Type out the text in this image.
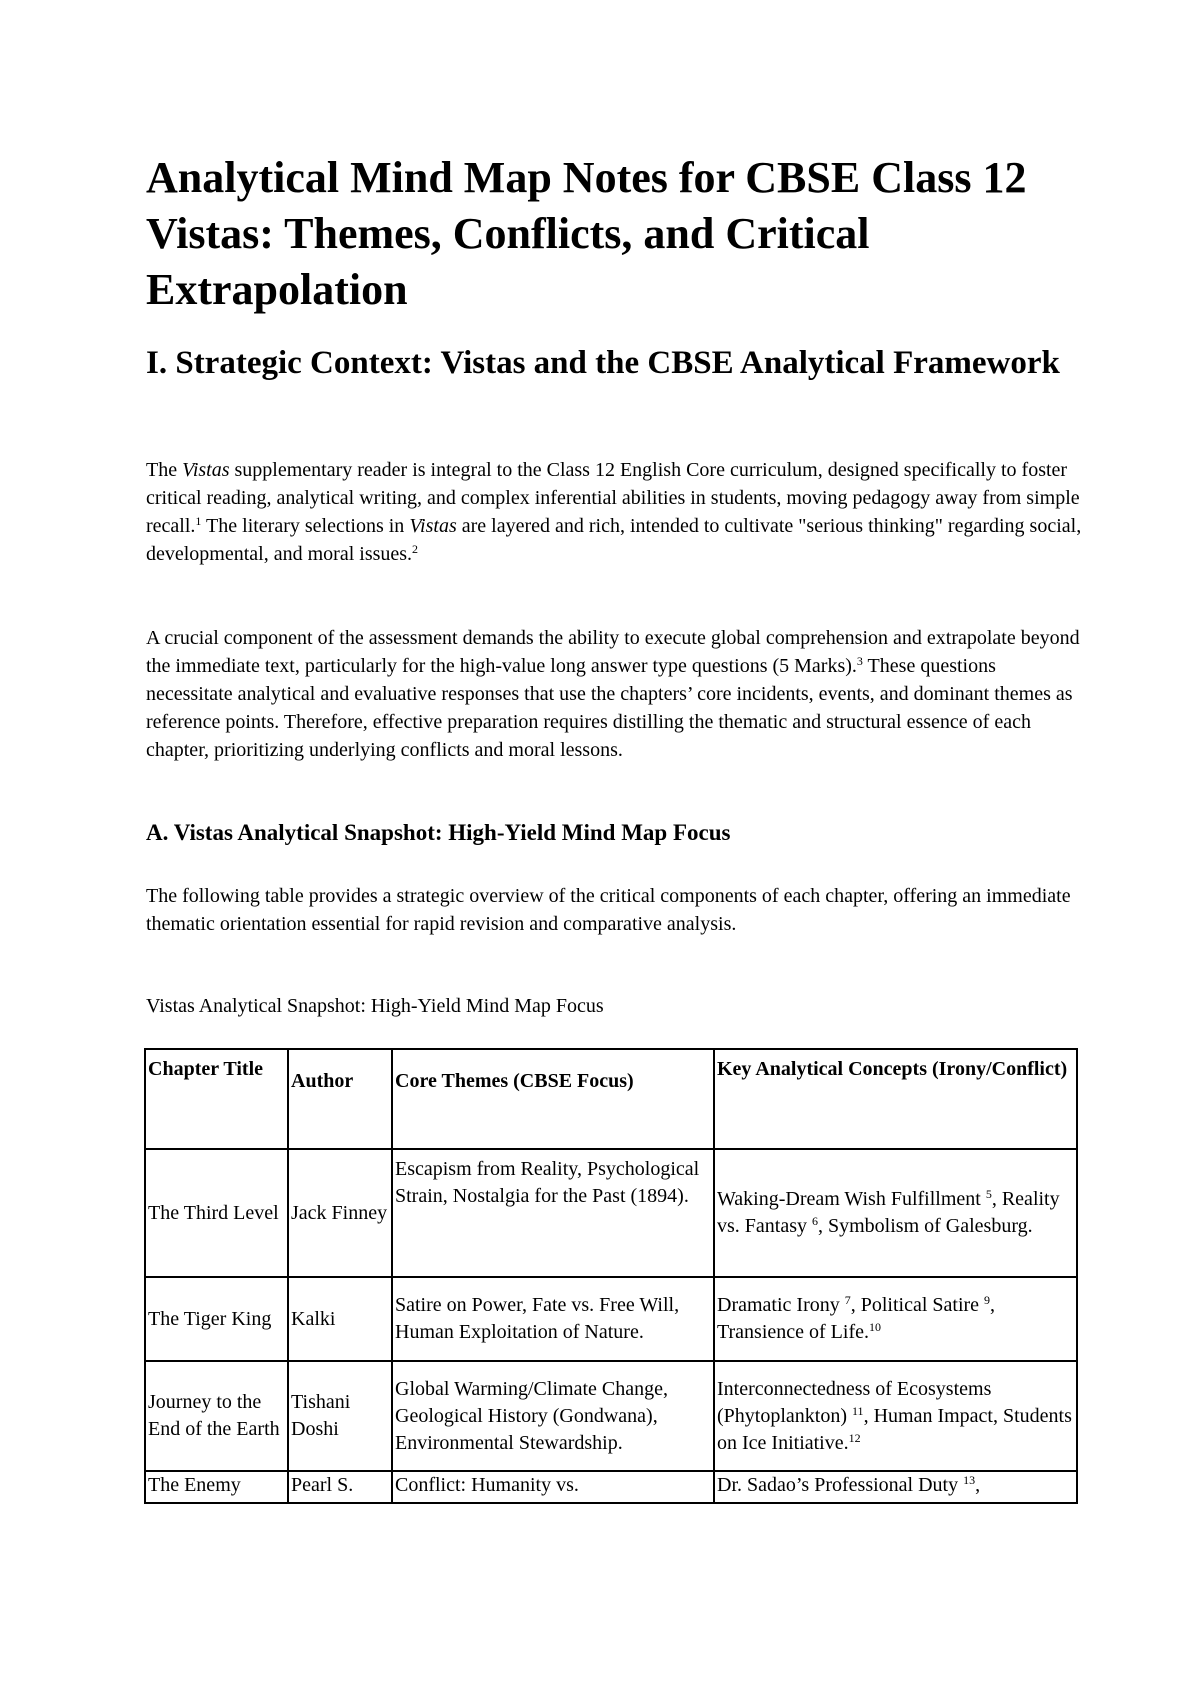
Analytical Mind Map Notes for CBSE Class 12 Vistas: Themes, Conflicts, and Critical Extrapolation
I. Strategic Context: Vistas and the CBSE Analytical Framework

The Vistas supplementary reader is integral to the Class 12 English Core curriculum, designed specifically to foster critical reading, analytical writing, and complex inferential abilities in students, moving pedagogy away from simple recall.$^1$ The literary selections in Vistas are layered and rich, intended to cultivate "serious thinking" regarding social, developmental, and moral issues.$^2$

A crucial component of the assessment demands the ability to execute global comprehension and extrapolate beyond the immediate text, particularly for the high-value long answer type questions (5 Marks).$^3$ These questions necessitate analytical and evaluative responses that use the chapters’ core incidents, events, and dominant themes as reference points. Therefore, effective preparation requires distilling the thematic and structural essence of each chapter, prioritizing underlying conflicts and moral lessons.

A. Vistas Analytical Snapshot: High-Yield Mind Map Focus

The following table provides a strategic overview of the critical components of each chapter, offering an immediate thematic orientation essential for rapid revision and comparative analysis.

Vistas Analytical Snapshot: High-Yield Mind Map Focus

Chapter Title	Author	Core Themes (CBSE Focus)	Key Analytical Concepts (Irony/Conflict)
The Third Level	Jack Finney	Escapism from Reality, Psychological Strain, Nostalgia for the Past (1894).	Waking-Dream Wish Fulfillment $^5$, Reality vs. Fantasy $^6$, Symbolism of Galesburg.
The Tiger King	Kalki	Satire on Power, Fate vs. Free Will, Human Exploitation of Nature.	Dramatic Irony $^7$, Political Satire $^9$, Transience of Life.$^{10}$
Journey to the End of the Earth	Tishani Doshi	Global Warming/Climate Change, Geological History (Gondwana), Environmental Stewardship.	Interconnectedness of Ecosystems (Phytoplankton) $^{11}$, Human Impact, Students on Ice Initiative.$^{12}$
The Enemy	Pearl S.	Conflict: Humanity vs.	Dr. Sadao’s Professional Duty $^{13}$,
